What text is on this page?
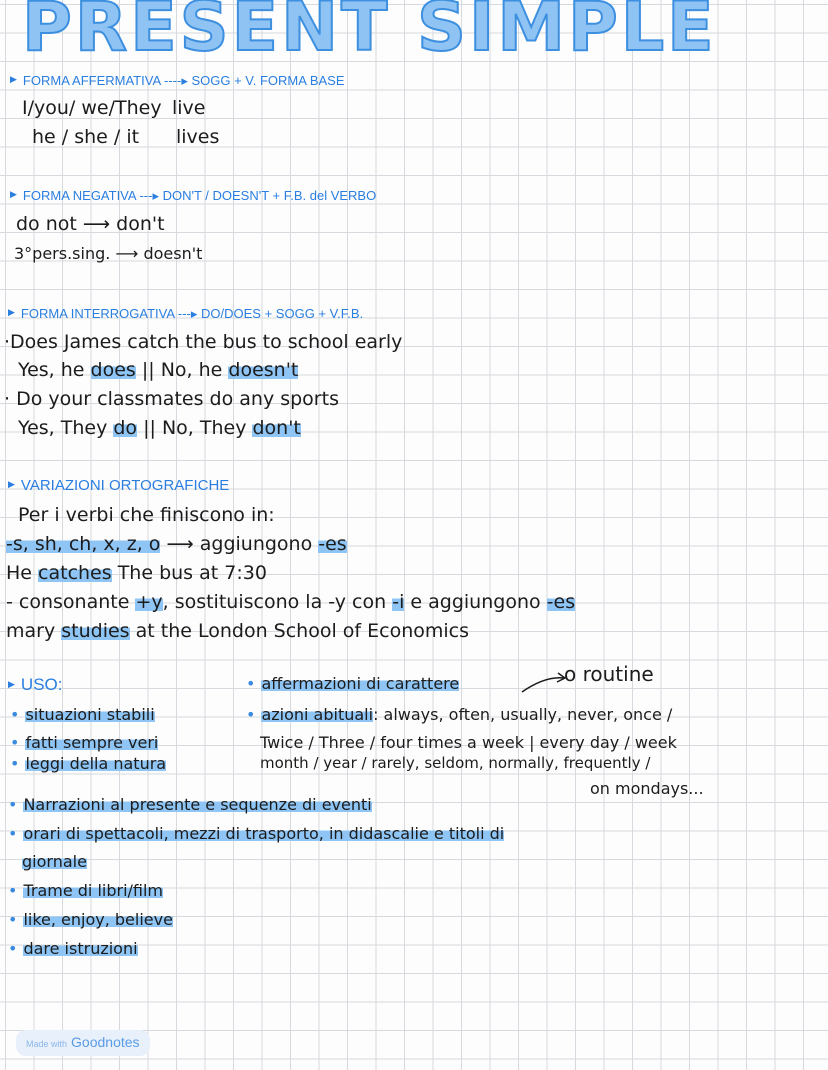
PRESENT SIMPLE
▶ FORMA AFFERMATIVA ----▸ SOGG + V. FORMA BASE
I/you/ we/They live
he / she / it lives
▶ FORMA NEGATIVA ---▸ DON'T / DOESN'T + F.B. del VERBO
do not ⟶ don't
3°pers.sing. ⟶ doesn't
▶ FORMA INTERROGATIVA ---▸ DO/DOES + SOGG + V.F.B.
·Does James catch the bus to school early
Yes, he does || No, he doesn't
· Do your classmates do any sports
Yes, They do || No, They don't
▶ VARIAZIONI ORTOGRAFICHE
Per i verbi che finiscono in:
-s, sh, ch, x, z, o ⟶ aggiungono -es
He catches The bus at 7:30
- consonante +y, sostituiscono la -y con -i e aggiungono -es
mary studies at the London School of Economics
▶ USO:
• situazioni stabili
• fatti sempre veri
• leggi della natura
• affermazioni di carattere	o routine
• azioni abituali: always, often, usually, never, once /
Twice / Three / four times a week | every day / week
month / year / rarely, seldom, normally, frequently /
on mondays...
• Narrazioni al presente e sequenze di eventi
• orari di spettacoli, mezzi di trasporto, in didascalie e titoli di
giornale
• Trame di libri/film
• like, enjoy, believe
• dare istruzioni
Made with Goodnotes
